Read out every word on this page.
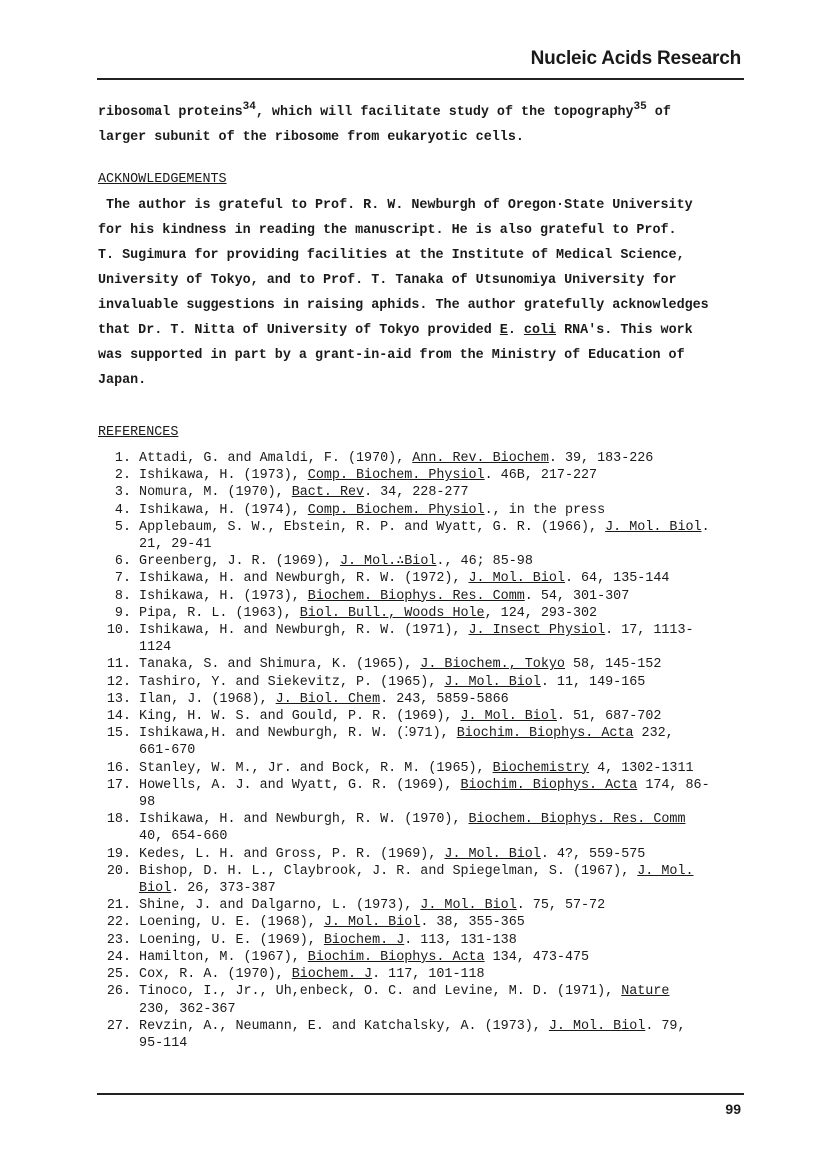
Nucleic Acids Research
ribosomal proteins$^{34}$, which will facilitate study of the topography$^{35}$ of
larger subunit of the ribosome from eukaryotic cells.
ACKNOWLEDGEMENTS
The author is grateful to Prof. R. W. Newburgh of Oregon·State University
for his kindness in reading the manuscript. He is also grateful to Prof.
T. Sugimura for providing facilities at the Institute of Medical Science,
University of Tokyo, and to Prof. T. Tanaka of Utsunomiya University for
invaluable suggestions in raising aphids. The author gratefully acknowledges
that Dr. T. Nitta of University of Tokyo provided E. coli RNA's. This work
was supported in part by a grant-in-aid from the Ministry of Education of
Japan.
REFERENCES
1. Attadi, G. and Amaldi, F. (1970), Ann. Rev. Biochem. 39, 183-226
2. Ishikawa, H. (1973), Comp. Biochem. Physiol. 46B, 217-227
3. Nomura, M. (1970), Bact. Rev. 34, 228-277
4. Ishikawa, H. (1974), Comp. Biochem. Physiol., in the press
5. Applebaum, S. W., Ebstein, R. P. and Wyatt, G. R. (1966), J. Mol. Biol.
21, 29-41
6. Greenberg, J. R. (1969), J. Mol.∴Biol., 46; 85-98
7. Ishikawa, H. and Newburgh, R. W. (1972), J. Mol. Biol. 64, 135-144
8. Ishikawa, H. (1973), Biochem. Biophys. Res. Comm. 54, 301-307
9. Pipa, R. L. (1963), Biol. Bull., Woods Hole, 124, 293-302
10. Ishikawa, H. and Newburgh, R. W. (1971), J. Insect Physiol. 17, 1113-
1124
11. Tanaka, S. and Shimura, K. (1965), J. Biochem., Tokyo 58, 145-152
12. Tashiro, Y. and Siekevitz, P. (1965), J. Mol. Biol. 11, 149-165
13. Ilan, J. (1968), J. Biol. Chem. 243, 5859-5866
14. King, H. W. S. and Gould, P. R. (1969), J. Mol. Biol. 51, 687-702
15. Ishikawa,H. and Newburgh, R. W. (⁚971), Biochim. Biophys. Acta 232,
661-670
16. Stanley, W. M., Jr. and Bock, R. M. (1965), Biochemistry 4, 1302-1311
17. Howells, A. J. and Wyatt, G. R. (1969), Biochim. Biophys. Acta 174, 86-
98
18. Ishikawa, H. and Newburgh, R. W. (1970), Biochem. Biophys. Res. Comm
40, 654-660
19. Kedes, L. H. and Gross, P. R. (1969), J. Mol. Biol. 4?, 559-575
20. Bishop, D. H. L., Claybrook, J. R. and Spiegelman, S. (1967), J. Mol.
Biol. 26, 373-387
21. Shine, J. and Dalgarno, L. (1973), J. Mol. Biol. 75, 57-72
22. Loening, U. E. (1968), J. Mol. Biol. 38, 355-365
23. Loening, U. E. (1969), Biochem. J. 113, 131-138
24. Hamilton, M. (1967), Biochim. Biophys. Acta 134, 473-475
25. Cox, R. A. (1970), Biochem. J. 117, 101-118
26. Tinoco, I., Jr., Uh,enbeck, O. C. and Levine, M. D. (1971), Nature
230, 362-367
27. Revzin, A., Neumann, E. and Katchalsky, A. (1973), J. Mol. Biol. 79,
95-114
99
